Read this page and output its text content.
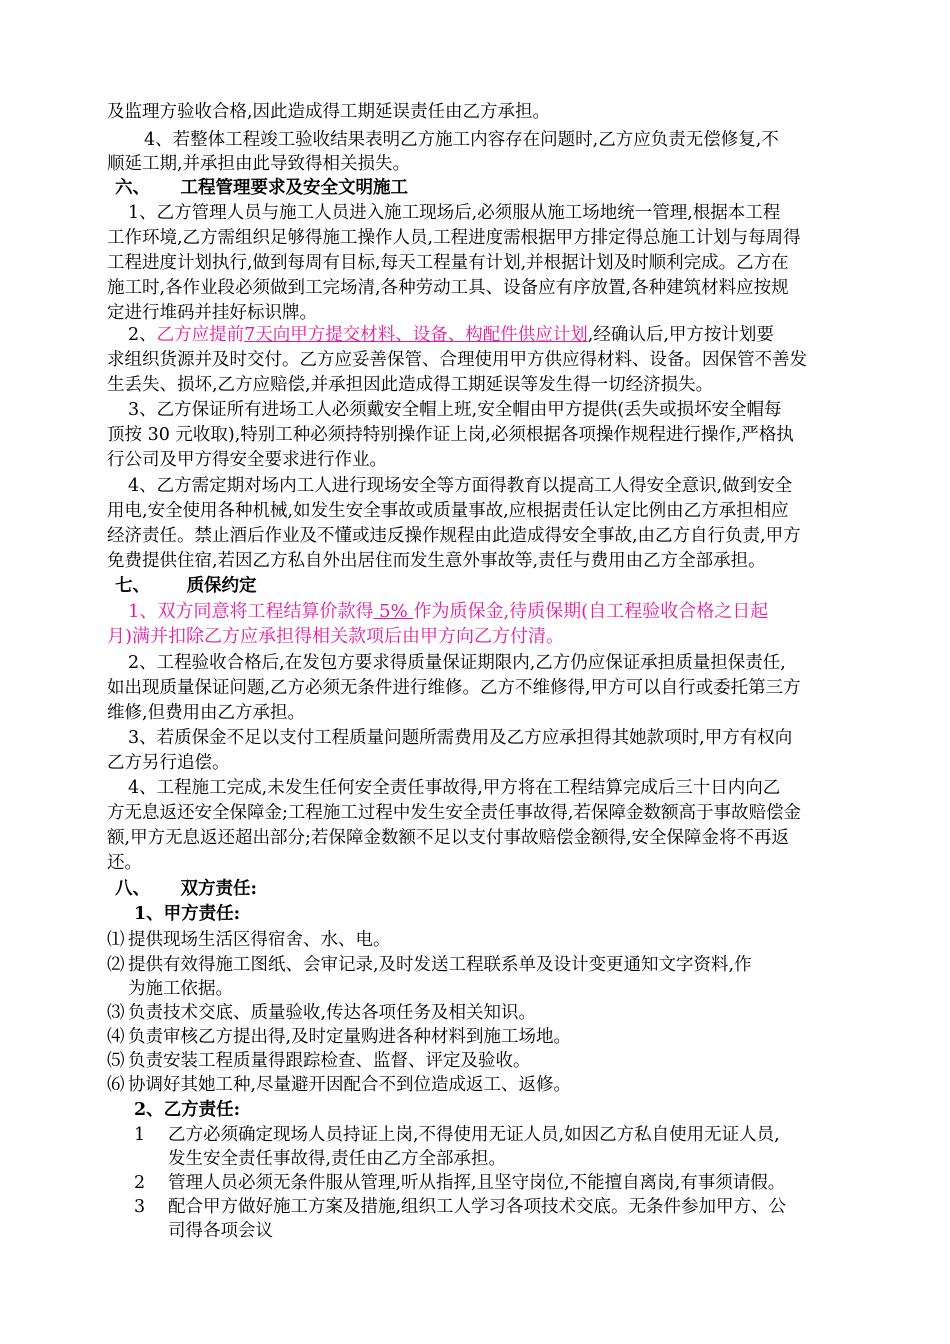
及监理方验收合格,因此造成得工期延误责任由乙方承担。
4、若整体工程竣工验收结果表明乙方施工内容存在问题时,乙方应负责无偿修复,不
顺延工期,并承担由此导致得相关损失。
六、 工程管理要求及安全文明施工
1、乙方管理人员与施工人员进入施工现场后,必须服从施工场地统一管理,根据本工程
工作环境,乙方需组织足够得施工操作人员,工程进度需根据甲方排定得总施工计划与每周得
工程进度计划执行,做到每周有目标,每天工程量有计划,并根据计划及时顺利完成。乙方在
施工时,各作业段必须做到工完场清,各种劳动工具、设备应有序放置,各种建筑材料应按规
定进行堆码并挂好标识牌。
2、乙方应提前7天向甲方提交材料、设备、构配件供应计划,经确认后,甲方按计划要
求组织货源并及时交付。乙方应妥善保管、合理使用甲方供应得材料、设备。因保管不善发
生丢失、损坏,乙方应赔偿,并承担因此造成得工期延误等发生得一切经济损失。
3、乙方保证所有进场工人必须戴安全帽上班,安全帽由甲方提供(丢失或损坏安全帽每
顶按 30 元收取),特别工种必须持特别操作证上岗,必须根据各项操作规程进行操作,严格执
行公司及甲方得安全要求进行作业。
4、乙方需定期对场内工人进行现场安全等方面得教育以提高工人得安全意识,做到安全
用电,安全使用各种机械,如发生安全事故或质量事故,应根据责任认定比例由乙方承担相应
经济责任。禁止酒后作业及不懂或违反操作规程由此造成得安全事故,由乙方自行负责,甲方
免费提供住宿,若因乙方私自外出居住而发生意外事故等,责任与费用由乙方全部承担。
七、 质保约定
1、双方同意将工程结算价款得 5% 作为质保金,待质保期(自工程验收合格之日起
月)满并扣除乙方应承担得相关款项后由甲方向乙方付清。
2、工程验收合格后,在发包方要求得质量保证期限内,乙方仍应保证承担质量担保责任,
如出现质量保证问题,乙方必须无条件进行维修。乙方不维修得,甲方可以自行或委托第三方
维修,但费用由乙方承担。
3、若质保金不足以支付工程质量问题所需费用及乙方应承担得其她款项时,甲方有权向
乙方另行追偿。
4、工程施工完成,未发生任何安全责任事故得,甲方将在工程结算完成后三十日内向乙
方无息返还安全保障金;工程施工过程中发生安全责任事故得,若保障金数额高于事故赔偿金
额,甲方无息返还超出部分;若保障金数额不足以支付事故赔偿金额得,安全保障金将不再返
还。
八、 双方责任:
1、甲方责任:
⑴ 提供现场生活区得宿舍、水、电。
⑵ 提供有效得施工图纸、会审记录,及时发送工程联系单及设计变更通知文字资料,作
为施工依据。
⑶ 负责技术交底、质量验收,传达各项任务及相关知识。
⑷ 负责审核乙方提出得,及时定量购进各种材料到施工场地。
⑸ 负责安装工程质量得跟踪检查、监督、评定及验收。
⑹ 协调好其她工种,尽量避开因配合不到位造成返工、返修。
2、乙方责任:
1 乙方必须确定现场人员持证上岗,不得使用无证人员,如因乙方私自使用无证人员,
发生安全责任事故得,责任由乙方全部承担。
2 管理人员必须无条件服从管理,听从指挥,且坚守岗位,不能擅自离岗,有事须请假。
3 配合甲方做好施工方案及措施,组织工人学习各项技术交底。无条件参加甲方、公
司得各项会议
